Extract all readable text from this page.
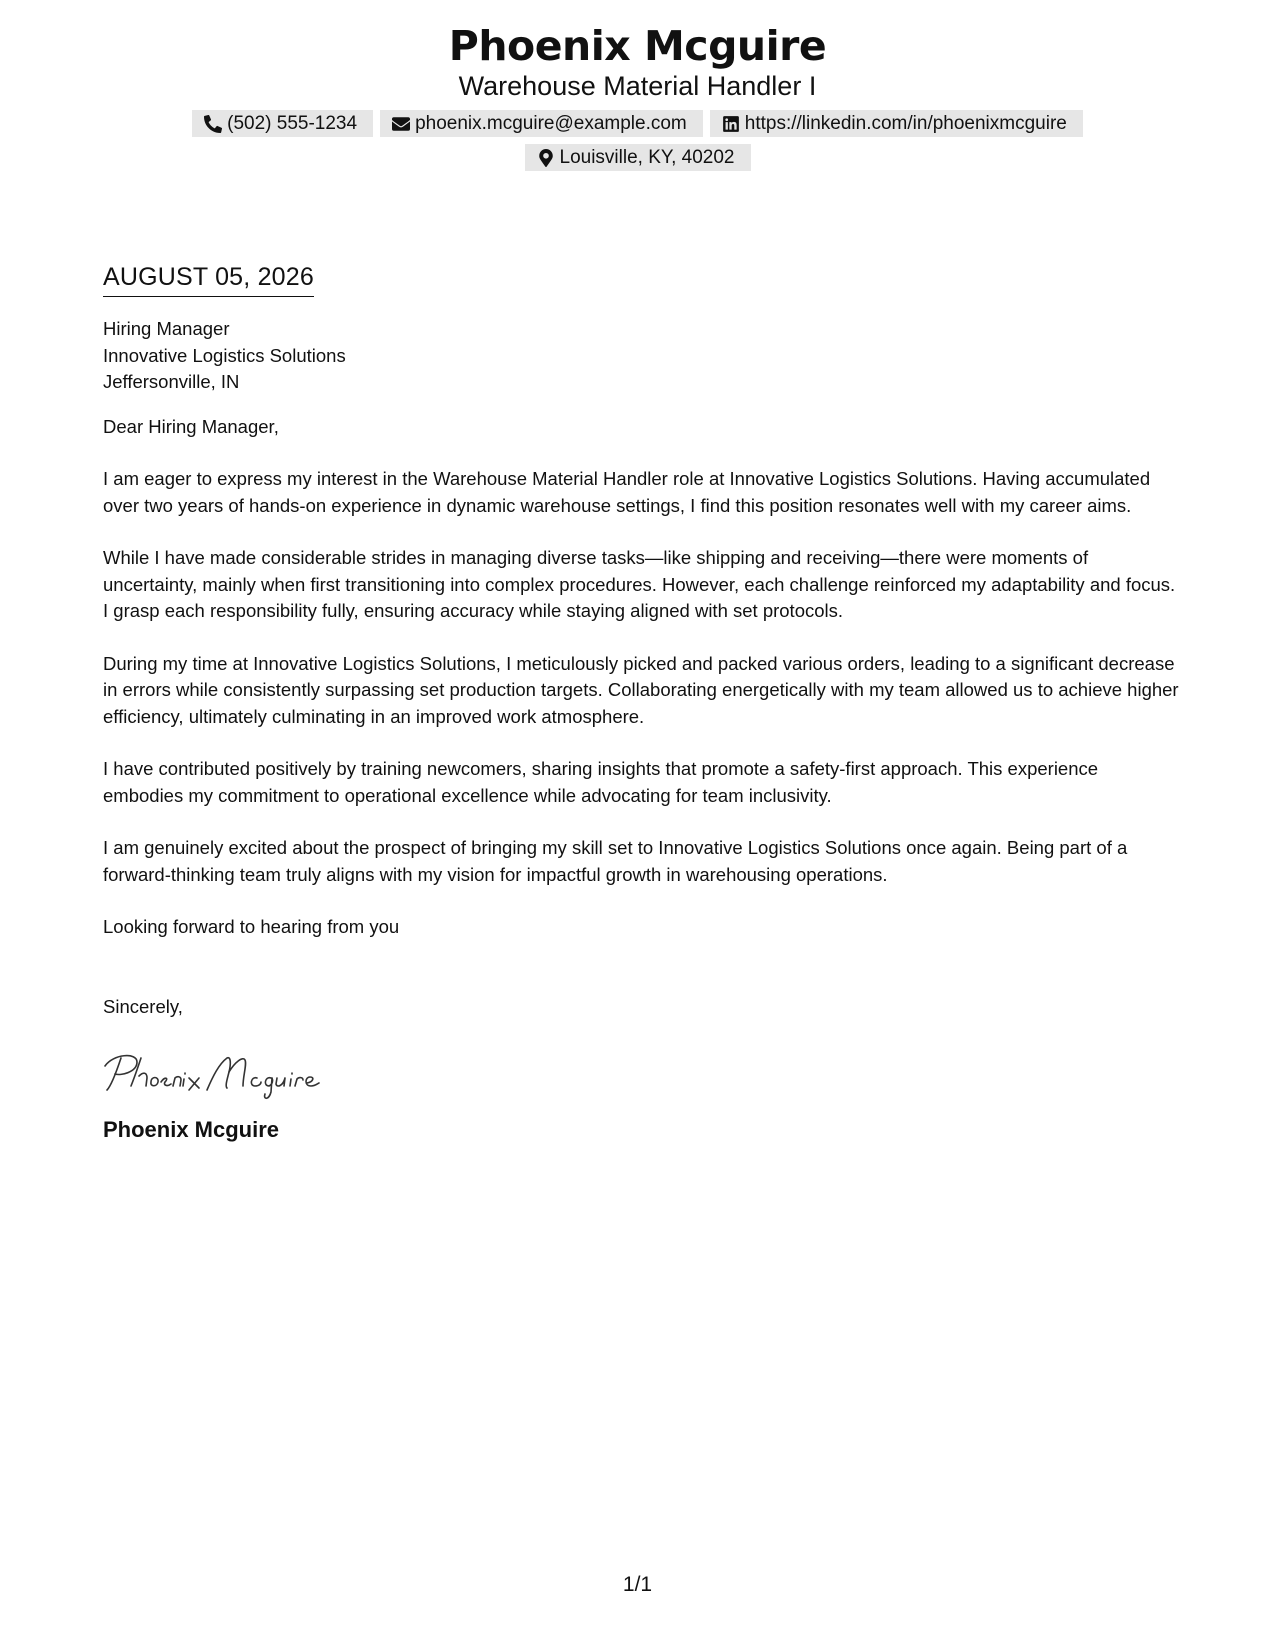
Phoenix Mcguire
Warehouse Material Handler I
(502) 555-1234	phoenix.mcguire@example.com	https://linkedin.com/in/phoenixmcguire
Louisville, KY, 40202
AUGUST 05, 2026
Hiring Manager
Innovative Logistics Solutions
Jeffersonville, IN
Dear Hiring Manager,
I am eager to express my interest in the Warehouse Material Handler role at Innovative Logistics Solutions. Having accumulated over two years of hands-on experience in dynamic warehouse settings, I find this position resonates well with my career aims.
While I have made considerable strides in managing diverse tasks—like shipping and receiving—there were moments of uncertainty, mainly when first transitioning into complex procedures. However, each challenge reinforced my adaptability and focus. I grasp each responsibility fully, ensuring accuracy while staying aligned with set protocols.
During my time at Innovative Logistics Solutions, I meticulously picked and packed various orders, leading to a significant decrease in errors while consistently surpassing set production targets. Collaborating energetically with my team allowed us to achieve higher efficiency, ultimately culminating in an improved work atmosphere.
I have contributed positively by training newcomers, sharing insights that promote a safety-first approach. This experience embodies my commitment to operational excellence while advocating for team inclusivity.
I am genuinely excited about the prospect of bringing my skill set to Innovative Logistics Solutions once again. Being part of a forward-thinking team truly aligns with my vision for impactful growth in warehousing operations.
Looking forward to hearing from you
Sincerely,
Phoenix Mcguire
1/1
